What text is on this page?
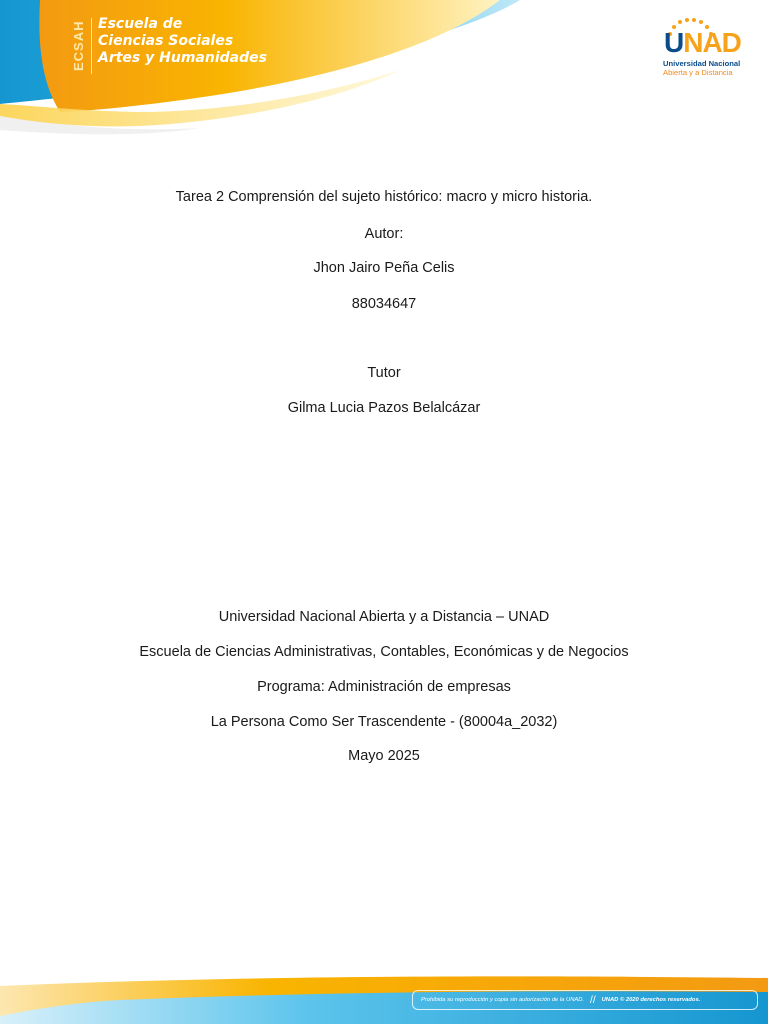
ECSAH Escuela de
Ciencias Sociales
Artes y Humanidades	UNAD
Universidad Nacional
Abierta y a Distancia
Tarea 2 Comprensión del sujeto histórico: macro y micro historia.
Autor:
Jhon Jairo Peña Celis
88034647
Tutor
Gilma Lucia Pazos Belalcázar
Universidad Nacional Abierta y a Distancia – UNAD
Escuela de Ciencias Administrativas, Contables, Económicas y de Negocios
Programa: Administración de empresas
La Persona Como Ser Trascendente - (80004a_2032)
Mayo 2025
Prohibida su reproducción y copia sin autorización de la UNAD. // UNAD © 2020 derechos reservados.
